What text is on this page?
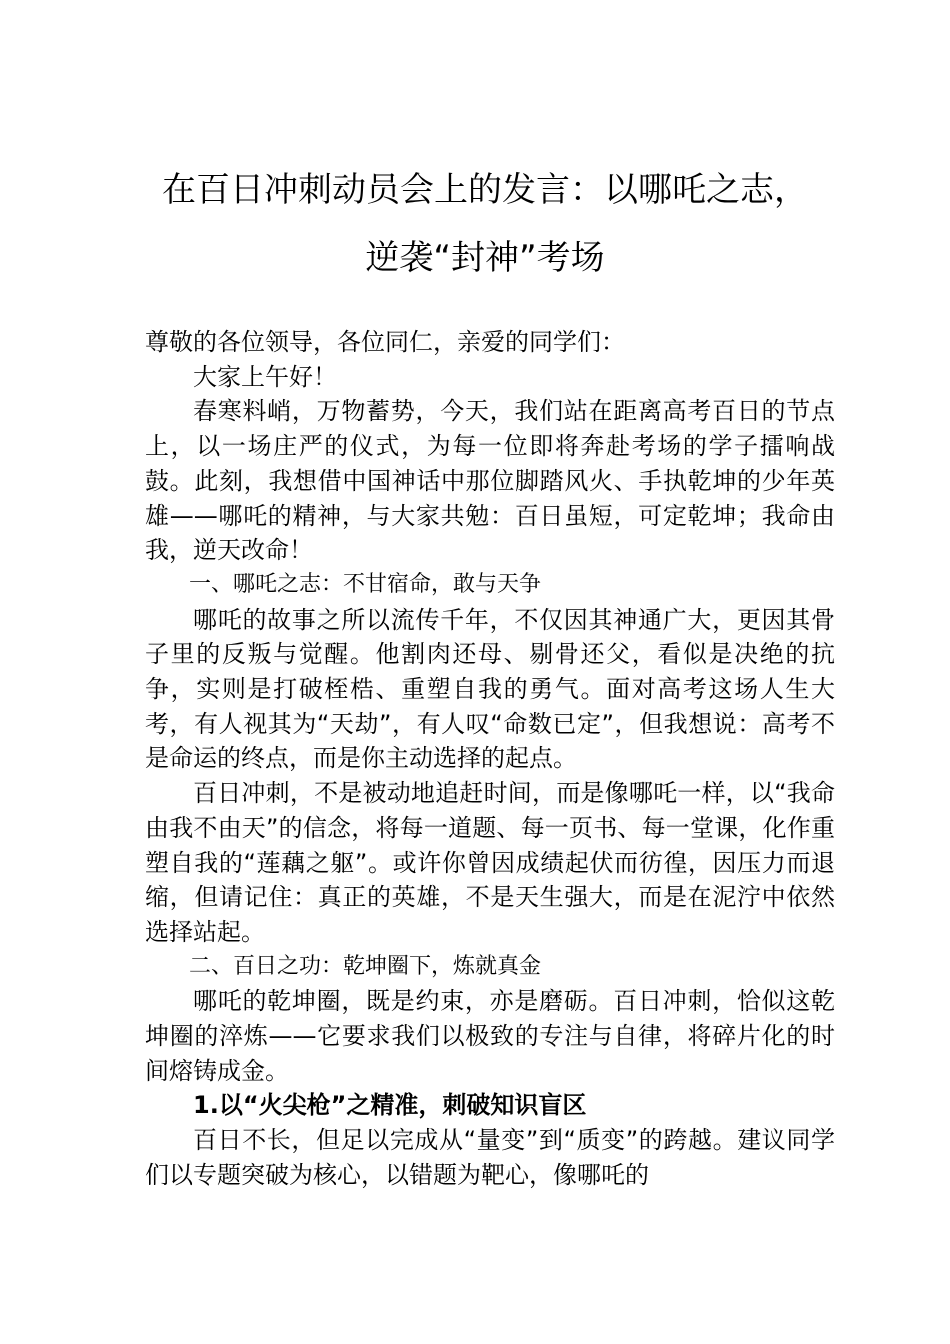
在百日冲刺动员会上的发言：以哪吒之志，
逆袭“封神”考场

尊敬的各位领导，各位同仁，亲爱的同学们：

大家上午好！

春寒料峭，万物蓄势，今天，我们站在距离高考百日的节点上，以一场庄严的仪式，为每一位即将奔赴考场的学子擂响战鼓。此刻，我想借中国神话中那位脚踏风火、手执乾坤的少年英雄——哪吒的精神，与大家共勉：百日虽短，可定乾坤；我命由我，逆天改命！

一、哪吒之志：不甘宿命，敢与天争

哪吒的故事之所以流传千年，不仅因其神通广大，更因其骨子里的反叛与觉醒。他割肉还母、剔骨还父，看似是决绝的抗争，实则是打破桎梏、重塑自我的勇气。面对高考这场人生大考，有人视其为“天劫”，有人叹“命数已定”，但我想说：高考不是命运的终点，而是你主动选择的起点。

百日冲刺，不是被动地追赶时间，而是像哪吒一样，以“我命由我不由天”的信念，将每一道题、每一页书、每一堂课，化作重塑自我的“莲藕之躯”。或许你曾因成绩起伏而彷徨，因压力而退缩，但请记住：真正的英雄，不是天生强大，而是在泥泞中依然选择站起。

二、百日之功：乾坤圈下，炼就真金

哪吒的乾坤圈，既是约束，亦是磨砺。百日冲刺，恰似这乾坤圈的淬炼——它要求我们以极致的专注与自律，将碎片化的时间熔铸成金。

1.以“火尖枪”之精准，刺破知识盲区

百日不长，但足以完成从“量变”到“质变”的跨越。建议同学们以专题突破为核心，以错题为靶心，像哪吒的
